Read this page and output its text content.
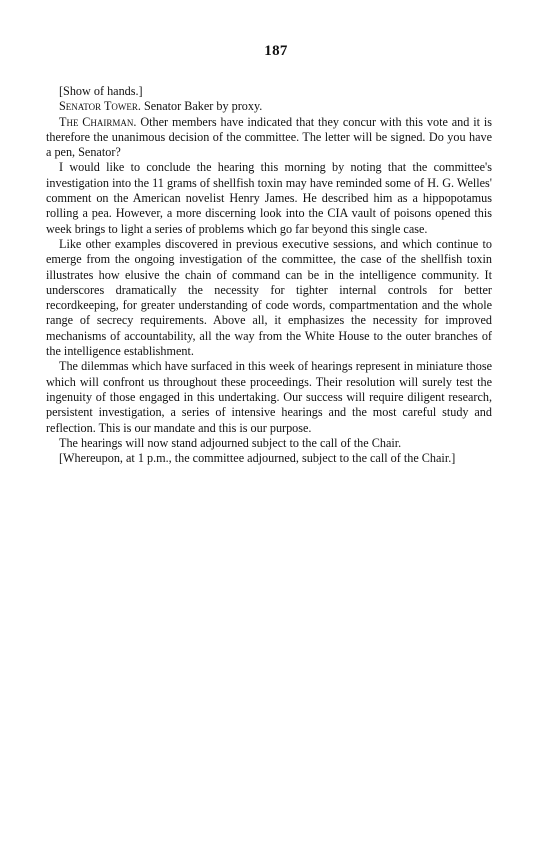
187

[Show of hands.]

Senator Tower. Senator Baker by proxy.

The Chairman. Other members have indicated that they concur with this vote and it is therefore the unanimous decision of the committee. The letter will be signed. Do you have a pen, Senator?

I would like to conclude the hearing this morning by noting that the committee's investigation into the 11 grams of shellfish toxin may have reminded some of H. G. Welles' comment on the American novelist Henry James. He described him as a hippopotamus rolling a pea. However, a more discerning look into the CIA vault of poisons opened this week brings to light a series of problems which go far beyond this single case.

Like other examples discovered in previous executive sessions, and which continue to emerge from the ongoing investigation of the committee, the case of the shellfish toxin illustrates how elusive the chain of command can be in the intelligence community. It underscores dramatically the necessity for tighter internal controls for better recordkeeping, for greater understanding of code words, compartmentation and the whole range of secrecy requirements. Above all, it emphasizes the necessity for improved mechanisms of accountability, all the way from the White House to the outer branches of the intelligence establishment.

The dilemmas which have surfaced in this week of hearings represent in miniature those which will confront us throughout these proceedings. Their resolution will surely test the ingenuity of those engaged in this undertaking. Our success will require diligent research, persistent investigation, a series of intensive hearings and the most careful study and reflection. This is our mandate and this is our purpose.

The hearings will now stand adjourned subject to the call of the Chair.

[Whereupon, at 1 p.m., the committee adjourned, subject to the call of the Chair.]
